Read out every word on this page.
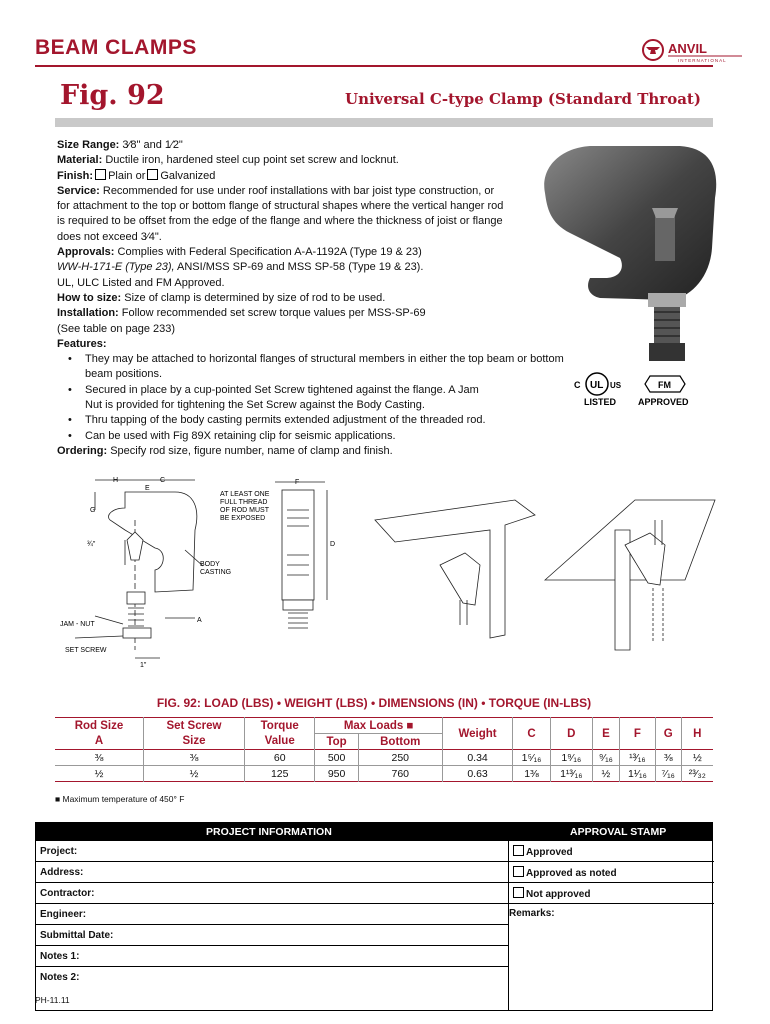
BEAM CLAMPS	ANVIL
INTERNATIONAL
Fig. 92	Universal C-type Clamp (Standard Throat)
Size Range: 3⁄8" and 1⁄2"
Material: Ductile iron, hardened steel cup point set screw and locknut.
Finish: Plain or Galvanized
Service: Recommended for use under roof installations with bar joist type construction, or for attachment to the top or bottom flange of structural shapes where the vertical hanger rod is required to be offset from the edge of the flange and where the thickness of joist or flange does not exceed 3⁄4".
Approvals: Complies with Federal Specification A-A-1192A (Type 19 & 23)
WW-H-171-E (Type 23), ANSI/MSS SP-69 and MSS SP-58 (Type 19 & 23).
UL, ULC Listed and FM Approved.
How to size: Size of clamp is determined by size of rod to be used.
Installation: Follow recommended set screw torque values per MSS-SP-69
(See table on page 233)
Features:
• They may be attached to horizontal flanges of structural members in either the top beam or bottom beam positions.
• Secured in place by a cup-pointed Set Screw tightened against the flange. A Jam Nut is provided for tightening the Set Screw against the Body Casting.
• Thru tapping of the body casting permits extended adjustment of the threaded rod.
• Can be used with Fig 89X retaining clip for seismic applications.
Ordering: Specify rod size, figure number, name of clamp and finish.
C UL US
LISTED
FM
APPROVED
H	C
E
G
¾"
A
1"
BODY
CASTING
JAM - NUT
SET SCREW
AT LEAST ONE
FULL THREAD
OF ROD MUST
BE EXPOSED
F
D
FIG. 92: LOAD (LBS) • WEIGHT (LBS) • DIMENSIONS (IN) • TORQUE (IN-LBS)
Rod Size	Set Screw	Torque	Max Loads ■		Weight	C	D	E	F	G	H
A	Size	Value	Top	Bottom							
⅜	⅜	60	500	250	0.34	1⁵⁄₁₆	1⁹⁄₁₆	⁹⁄₁₆	¹³⁄₁₆	⅜	½
½	½	125	950	760	0.63	1⅜	1¹³⁄₁₆	½	1¹⁄₁₆	⁷⁄₁₆	²³⁄₃₂
■ Maximum temperature of 450° F
PROJECT INFORMATION	APPROVAL STAMP
Project:
Address:
Contractor:
Engineer:
Submittal Date:
Notes 1:
Notes 2:
Approved
Approved as noted
Not approved
Remarks:
PH-11.11
